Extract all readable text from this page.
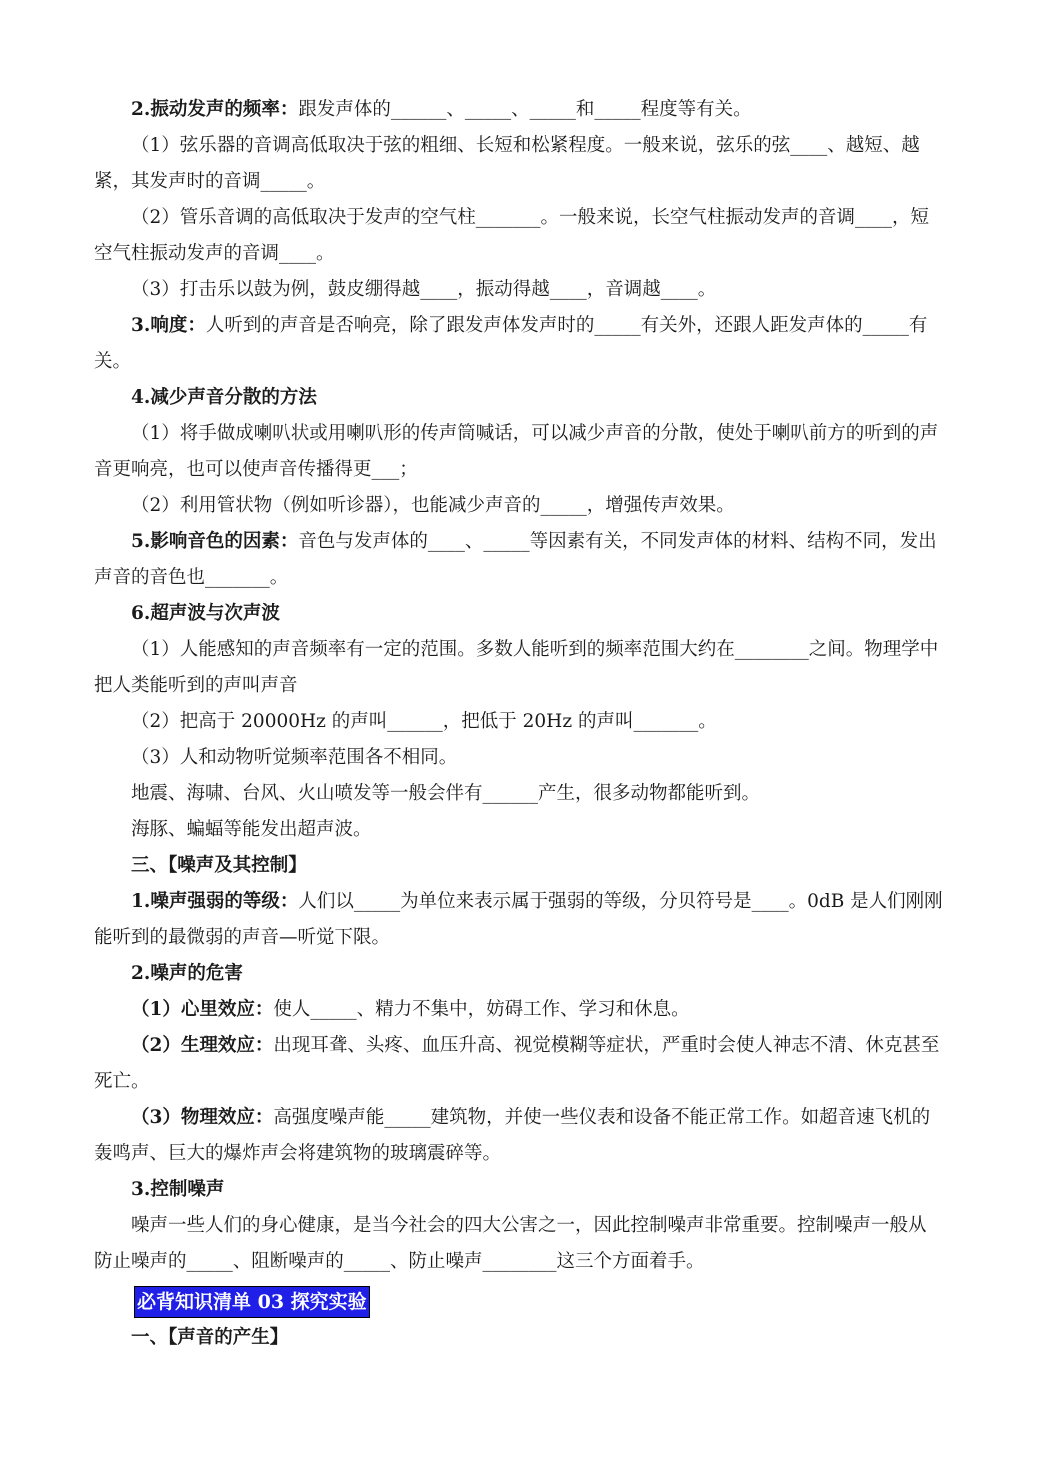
2.振动发声的频率：跟发声体的______、_____、_____和_____程度等有关。
（1）弦乐器的音调高低取决于弦的粗细、长短和松紧程度。一般来说，弦乐的弦____、越短、越紧，其发声时的音调_____。
（2）管乐音调的高低取决于发声的空气柱_______。一般来说，长空气柱振动发声的音调____，短空气柱振动发声的音调____。
（3）打击乐以鼓为例，鼓皮绷得越____，振动得越____，音调越____。
3.响度：人听到的声音是否响亮，除了跟发声体发声时的_____有关外，还跟人距发声体的_____有关。
4.减少声音分散的方法
（1）将手做成喇叭状或用喇叭形的传声筒喊话，可以减少声音的分散，使处于喇叭前方的听到的声音更响亮，也可以使声音传播得更___；
（2）利用管状物（例如听诊器），也能减少声音的_____，增强传声效果。
5.影响音色的因素：音色与发声体的____、_____等因素有关，不同发声体的材料、结构不同，发出声音的音色也_______。
6.超声波与次声波
（1）人能感知的声音频率有一定的范围。多数人能听到的频率范围大约在________之间。物理学中把人类能听到的声叫声音
（2）把高于 20000Hz 的声叫______，把低于 20Hz 的声叫_______。
（3）人和动物听觉频率范围各不相同。
地震、海啸、台风、火山喷发等一般会伴有______产生，很多动物都能听到。
海豚、蝙蝠等能发出超声波。
三、【噪声及其控制】
1.噪声强弱的等级：人们以_____为单位来表示属于强弱的等级，分贝符号是____。0dB 是人们刚刚能听到的最微弱的声音—听觉下限。
2.噪声的危害
（1）心里效应：使人_____、精力不集中，妨碍工作、学习和休息。
（2）生理效应：出现耳聋、头疼、血压升高、视觉模糊等症状，严重时会使人神志不清、休克甚至死亡。
（3）物理效应：高强度噪声能_____建筑物，并使一些仪表和设备不能正常工作。如超音速飞机的轰鸣声、巨大的爆炸声会将建筑物的玻璃震碎等。
3.控制噪声
噪声一些人们的身心健康，是当今社会的四大公害之一，因此控制噪声非常重要。控制噪声一般从防止噪声的_____、阻断噪声的_____、防止噪声________这三个方面着手。
必背知识清单 03 探究实验
一、【声音的产生】
